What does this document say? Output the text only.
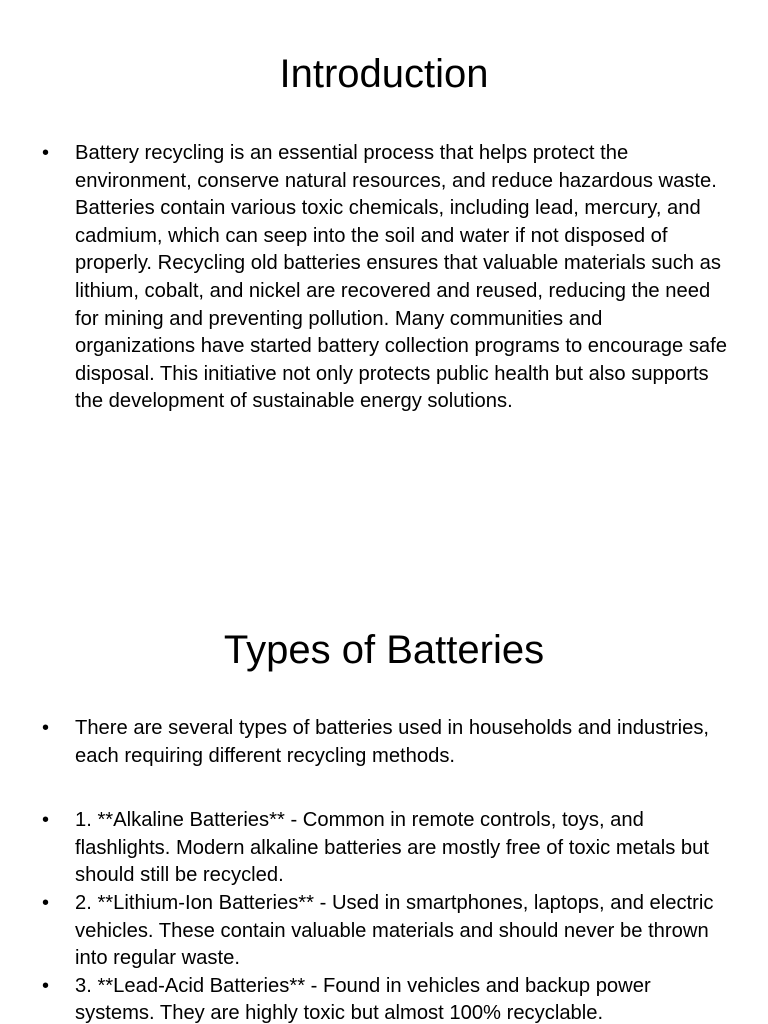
Introduction
• Battery recycling is an essential process that helps protect the environment, conserve natural resources, and reduce hazardous waste. Batteries contain various toxic chemicals, including lead, mercury, and cadmium, which can seep into the soil and water if not disposed of properly. Recycling old batteries ensures that valuable materials such as lithium, cobalt, and nickel are recovered and reused, reducing the need for mining and preventing pollution. Many communities and organizations have started battery collection programs to encourage safe disposal. This initiative not only protects public health but also supports the development of sustainable energy solutions.
Types of Batteries
• There are several types of batteries used in households and industries, each requiring different recycling methods.
• 1. **Alkaline Batteries** - Common in remote controls, toys, and flashlights. Modern alkaline batteries are mostly free of toxic metals but should still be recycled.
• 2. **Lithium-Ion Batteries** - Used in smartphones, laptops, and electric vehicles. These contain valuable materials and should never be thrown into regular waste.
• 3. **Lead-Acid Batteries** - Found in vehicles and backup power systems. They are highly toxic but almost 100% recyclable.
